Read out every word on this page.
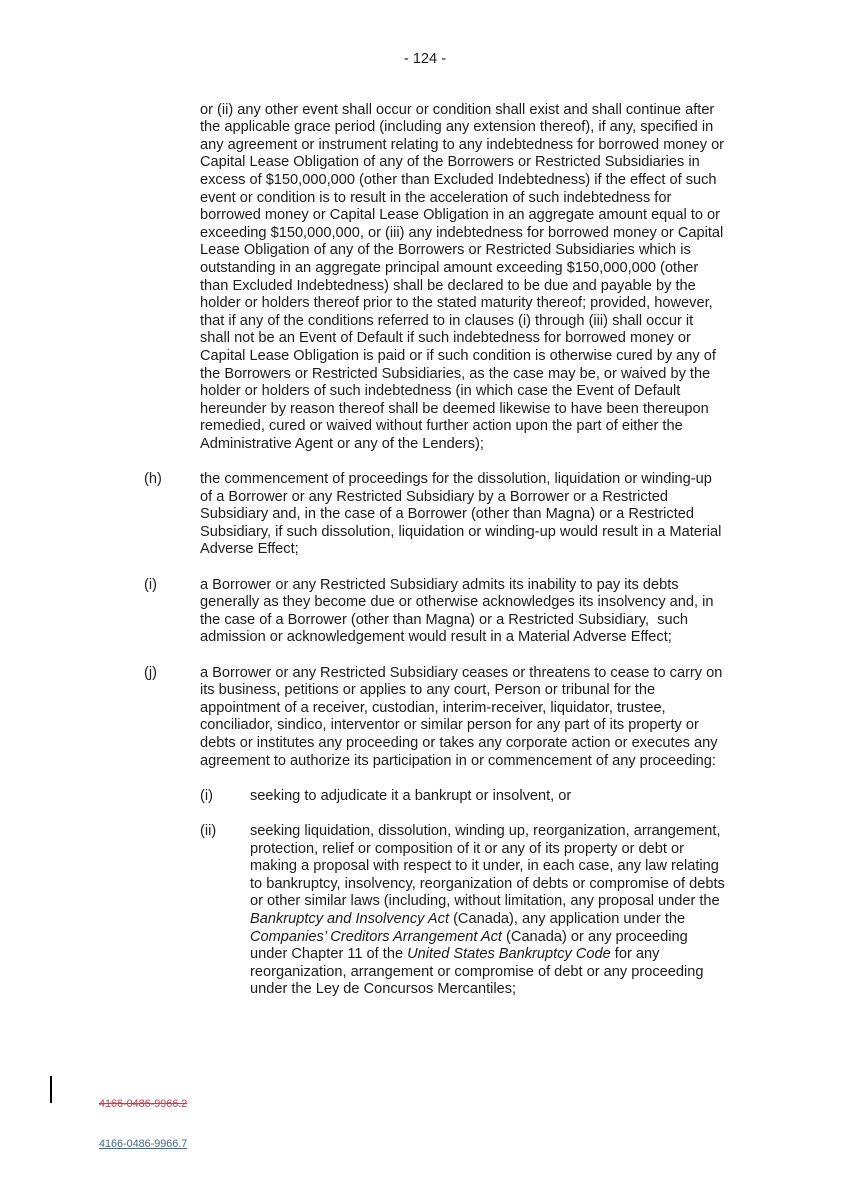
- 124 -
or (ii) any other event shall occur or condition shall exist and shall continue after
the applicable grace period (including any extension thereof), if any, specified in
any agreement or instrument relating to any indebtedness for borrowed money or
Capital Lease Obligation of any of the Borrowers or Restricted Subsidiaries in
excess of $150,000,000 (other than Excluded Indebtedness) if the effect of such
event or condition is to result in the acceleration of such indebtedness for
borrowed money or Capital Lease Obligation in an aggregate amount equal to or
exceeding $150,000,000, or (iii) any indebtedness for borrowed money or Capital
Lease Obligation of any of the Borrowers or Restricted Subsidiaries which is
outstanding in an aggregate principal amount exceeding $150,000,000 (other
than Excluded Indebtedness) shall be declared to be due and payable by the
holder or holders thereof prior to the stated maturity thereof; provided, however,
that if any of the conditions referred to in clauses (i) through (iii) shall occur it
shall not be an Event of Default if such indebtedness for borrowed money or
Capital Lease Obligation is paid or if such condition is otherwise cured by any of
the Borrowers or Restricted Subsidiaries, as the case may be, or waived by the
holder or holders of such indebtedness (in which case the Event of Default
hereunder by reason thereof shall be deemed likewise to have been thereupon
remedied, cured or waived without further action upon the part of either the
Administrative Agent or any of the Lenders);
(h)	the commencement of proceedings for the dissolution, liquidation or winding-up
of a Borrower or any Restricted Subsidiary by a Borrower or a Restricted
Subsidiary and, in the case of a Borrower (other than Magna) or a Restricted
Subsidiary, if such dissolution, liquidation or winding-up would result in a Material
Adverse Effect;
(i)	a Borrower or any Restricted Subsidiary admits its inability to pay its debts
generally as they become due or otherwise acknowledges its insolvency and, in
the case of a Borrower (other than Magna) or a Restricted Subsidiary,  such
admission or acknowledgement would result in a Material Adverse Effect;
(j)	a Borrower or any Restricted Subsidiary ceases or threatens to cease to carry on
its business, petitions or applies to any court, Person or tribunal for the
appointment of a receiver, custodian, interim-receiver, liquidator, trustee,
conciliador, sindico, interventor or similar person for any part of its property or
debts or institutes any proceeding or takes any corporate action or executes any
agreement to authorize its participation in or commencement of any proceeding:
(i)	seeking to adjudicate it a bankrupt or insolvent, or
(ii)	seeking liquidation, dissolution, winding up, reorganization, arrangement,
protection, relief or composition of it or any of its property or debt or
making a proposal with respect to it under, in each case, any law relating
to bankruptcy, insolvency, reorganization of debts or compromise of debts
or other similar laws (including, without limitation, any proposal under the
Bankruptcy and Insolvency Act (Canada), any application under the
Companies’ Creditors Arrangement Act (Canada) or any proceeding
under Chapter 11 of the United States Bankruptcy Code for any
reorganization, arrangement or compromise of debt or any proceeding
under the Ley de Concursos Mercantiles;

4166-0486-9966.2

4166-0486-9966.7
